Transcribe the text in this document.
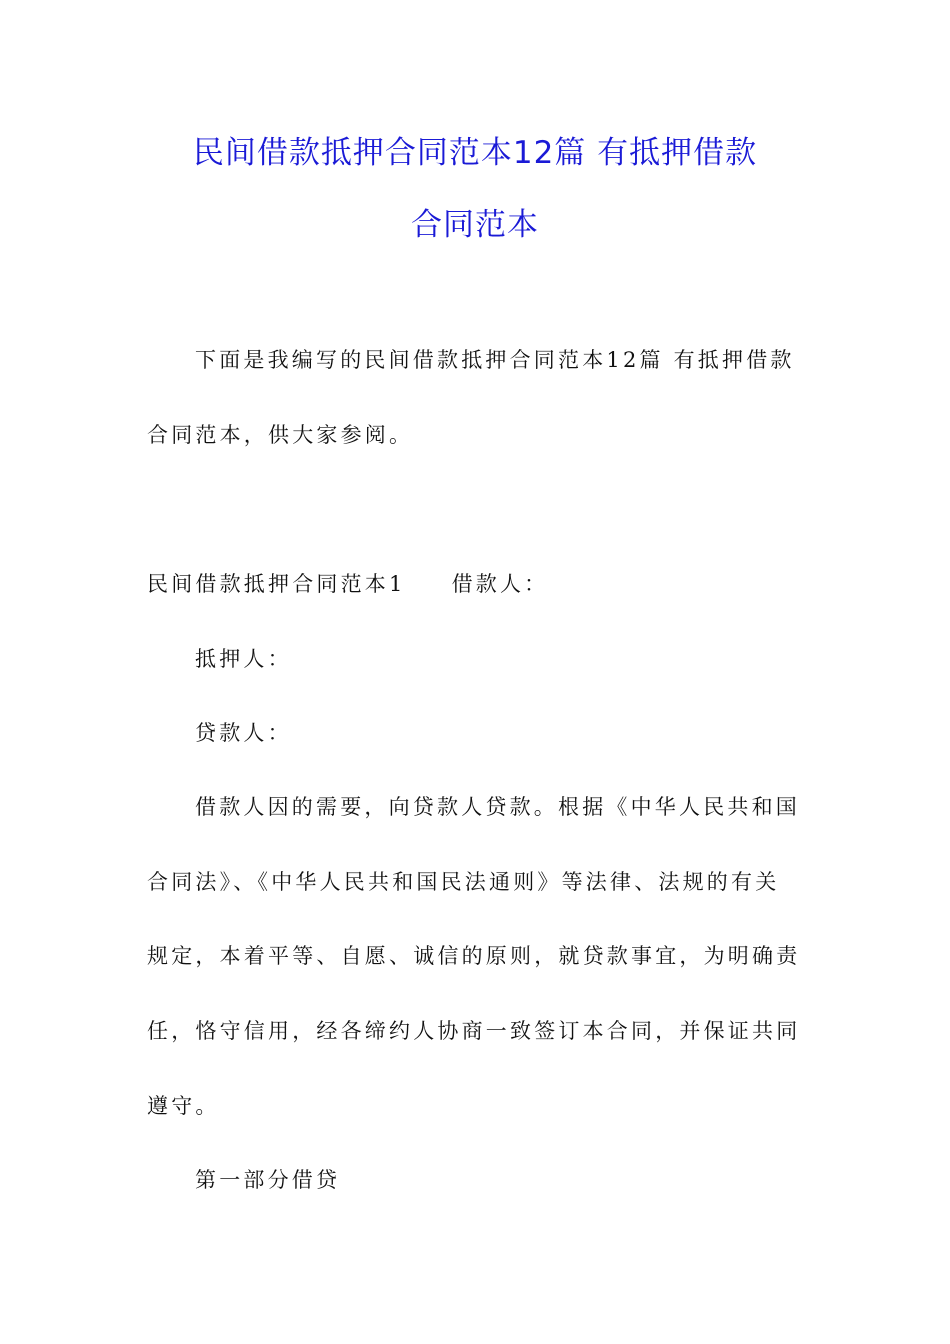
民间借款抵押合同范本12篇 有抵押借款
合同范本
下面是我编写的民间借款抵押合同范本12篇 有抵押借款
合同范本，供大家参阅。
民间借款抵押合同范本1 借款人：
抵押人：
贷款人：
借款人因的需要，向贷款人贷款。根据《中华人民共和国
合同法》、《中华人民共和国民法通则》等法律、法规的有关
规定，本着平等、自愿、诚信的原则，就贷款事宜，为明确责
任，恪守信用，经各缔约人协商一致签订本合同，并保证共同
遵守。
第一部分借贷
